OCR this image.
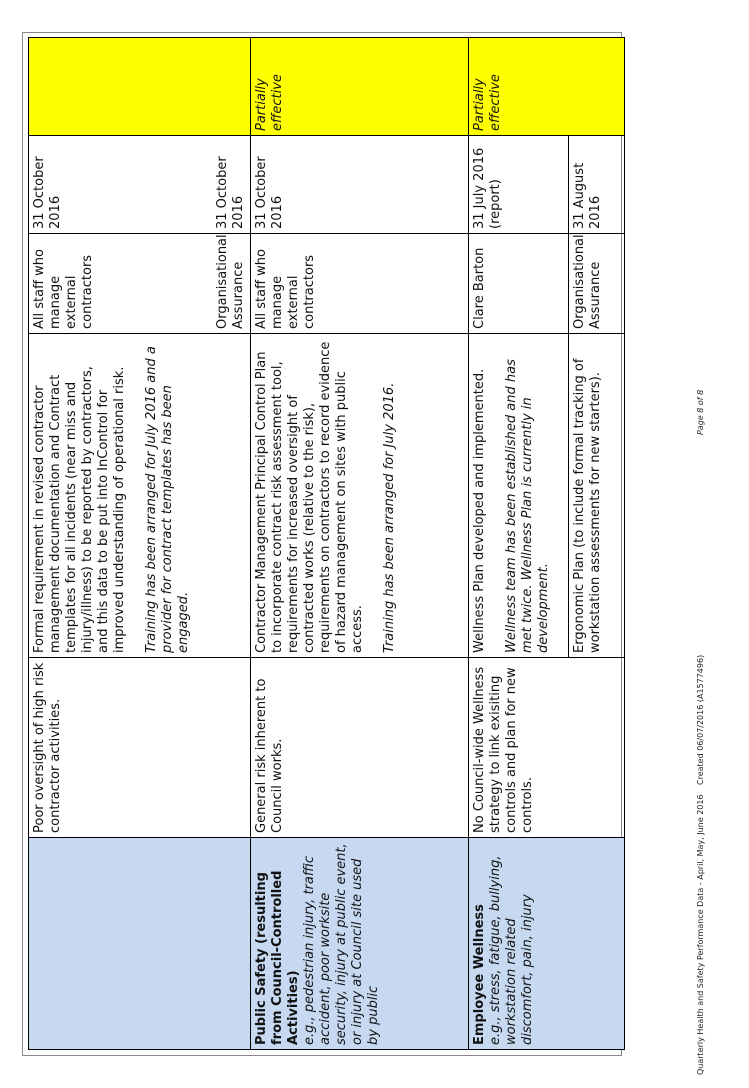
	Poor oversight of high risk contractor activities.	Formal requirement in revised contractor management documentation and Contract templates for all incidents (near miss and injury/illness) to be reported by contractors, and this data to be put into InControl for improved understanding of operational risk. Training has been arranged for July 2016 and a provider for contract templates has been engaged.	All staff who manage external contractors	31 October 2016	
			Organisational Assurance	31 October 2016	

Public Safety (resulting from Council-Controlled Activities) e.g., pedestrian injury, traffic accident, poor worksite security, injury at public event, or injury at Council site used by public	General risk inherent to Council works.	Contractor Management Principal Control Plan to incorporate contract risk assessment tool, requirements for increased oversight of contracted works (relative to the risk), requirements on contractors to record evidence of hazard management on sites with public access. Training has been arranged for July 2016.	All staff who manage external contractors	31 October 2016	Partially effective

Employee Wellness e.g., stress, fatigue, bullying, workstation related discomfort, pain, injury	No Council-wide Wellness strategy to link exisiting controls and plan for new controls.	Wellness Plan developed and implemented. Wellness team has been established and has met twice. Wellness Plan is currently in development.	Clare Barton	31 July 2016 (report)	Partially effective
		Ergonomic Plan (to include formal tracking of workstation assessments for new starters).	Organisational Assurance	31 August 2016	
Quarterly Health and Safety Performance Data - April, May, June 2016
Created 06/07/2016 (A1577496)
Page 8 of 8
